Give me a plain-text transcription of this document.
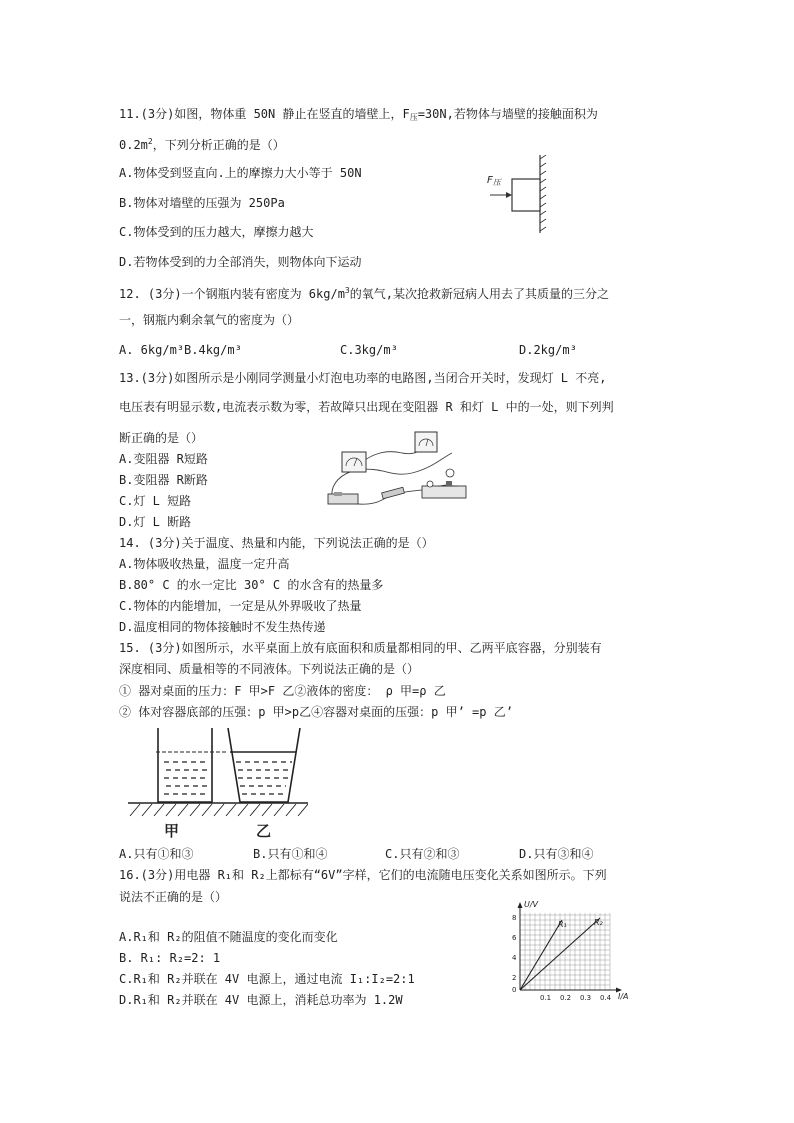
11.(3分)如图，物体重 50N 静止在竖直的墙壁上，$F_压=30N$,若物体与墙壁的接触面积为
$0.2m^2$，下列分析正确的是（）
A.物体受到竖直向.上的摩擦力大小等于 50N
B.物体对墙壁的压强为 250Pa
C.物体受到的压力越大，摩擦力越大
D.若物体受到的力全部消失，则物体向下运动
$F_压$
12. (3分)一个钢瓶内装有密度为 $6kg/m^3$的氧气,某次抢救新冠病人用去了其质量的三分之
一，钢瓶内剩余氧气的密度为（）
A. 6kg/m³B.4kg/m³	C.3kg/m³	D.2kg/m³
13.(3分)如图所示是小刚同学测量小灯泡电功率的电路图,当闭合开关时，发现灯 L 不亮,
电压表有明显示数,电流表示数为零，若故障只出现在变阻器 R 和灯 L 中的一处，则下列判
断正确的是（）
A.变阻器 R短路
B.变阻器 R断路
C.灯 L 短路
D.灯 L 断路
14. (3分)关于温度、热量和内能，下列说法正确的是（）
A.物体吸收热量，温度一定升高
B.80° C 的水一定比 30° C 的水含有的热量多
C.物体的内能增加，一定是从外界吸收了热量
D.温度相同的物体接触时不发生热传递
15. (3分)如图所示，水平桌面上放有底面积和质量都相同的甲、乙两平底容器，分别装有
深度相同、质量相等的不同液体。下列说法正确的是（）
① 器对桌面的压力：F 甲>F 乙②液体的密度： ρ 甲=ρ 乙
② 体对容器底部的压强：p 甲>p乙④容器对桌面的压强：p 甲’ =p 乙’
甲	乙
A.只有①和③	B.只有①和④	C.只有②和③	D.只有③和④
16.(3分)用电器 R₁和 R₂上都标有“6V”字样，它们的电流随电压变化关系如图所示。下列
说法不正确的是（）
A.R₁和 R₂的阻值不随温度的变化而变化
B. R₁: R₂=2: 1
C.R₁和 R₂并联在 4V 电源上，通过电流 I₁:I₂=2:1
D.R₁和 R₂并联在 4V 电源上，消耗总功率为 1.2W
U/V
I/A
2
4
6
8
0
0.1 0.2 0.3 0.4
R₁	R₂
